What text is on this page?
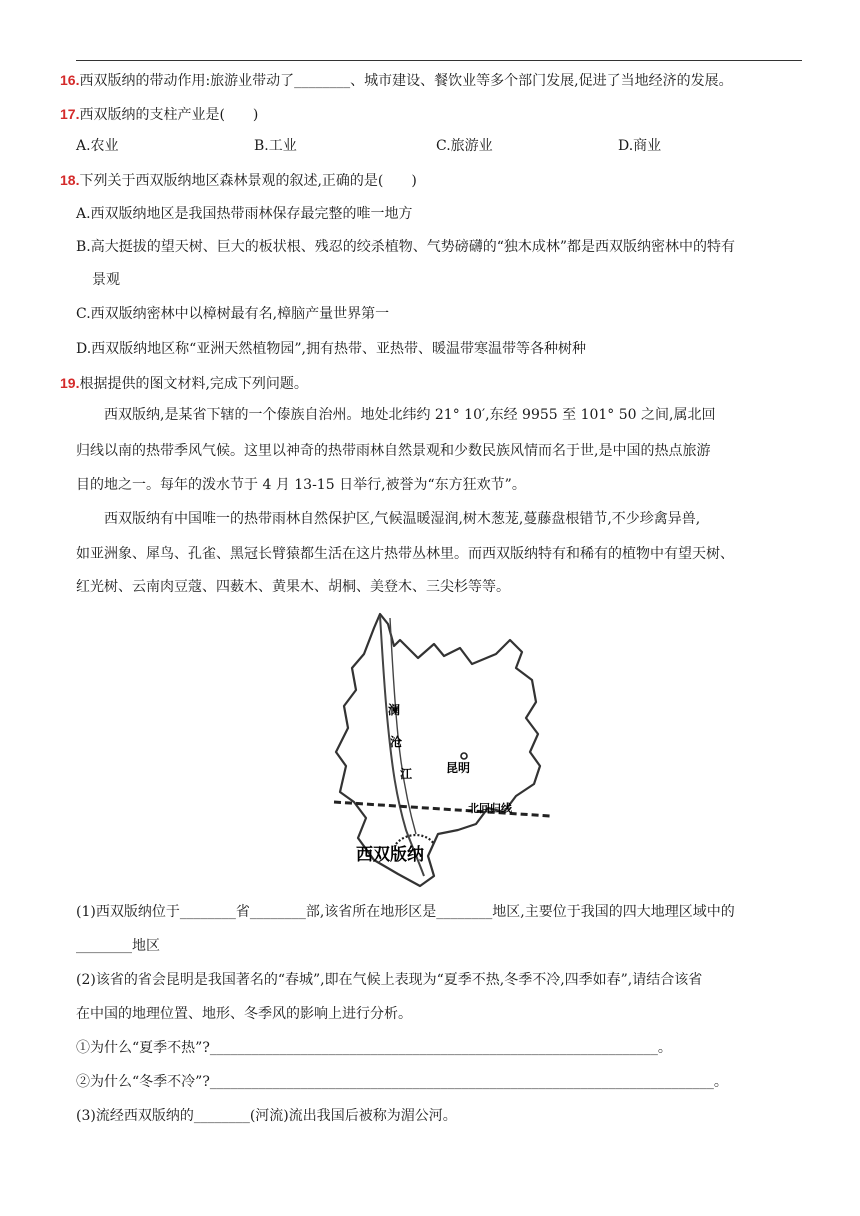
16.西双版纳的带动作用:旅游业带动了________、城市建设、餐饮业等多个部门发展,促进了当地经济的发展。
17.西双版纳的支柱产业是(　　)
A.农业	B.工业	C.旅游业	D.商业
18.下列关于西双版纳地区森林景观的叙述,正确的是(　　)
A.西双版纳地区是我国热带雨林保存最完整的唯一地方
B.高大挺拔的望天树、巨大的板状根、残忍的绞杀植物、气势磅礴的“独木成林”都是西双版纳密林中的特有
景观
C.西双版纳密林中以樟树最有名,樟脑产量世界第一
D.西双版纳地区称“亚洲天然植物园”,拥有热带、亚热带、暖温带寒温带等各种树种
19.根据提供的图文材料,完成下列问题。
西双版纳,是某省下辖的一个傣族自治州。地处北纬约 21° 10′,东经 9955 至 101° 50 之间,属北回
归线以南的热带季风气候。这里以神奇的热带雨林自然景观和少数民族风情而名于世,是中国的热点旅游
目的地之一。每年的泼水节于 4 月 13-15 日举行,被誉为“东方狂欢节”。
西双版纳有中国唯一的热带雨林自然保护区,气候温暖湿润,树木葱茏,蔓藤盘根错节,不少珍禽异兽,
如亚洲象、犀鸟、孔雀、黑冠长臂猿都生活在这片热带丛林里。而西双版纳特有和稀有的植物中有望天树、
红光树、云南肉豆蔻、四薮木、黄果木、胡桐、美登木、三尖杉等等。
澜
沧
江	昆明
北回归线
西双版纳
(1)西双版纳位于________省________部,该省所在地形区是________地区,主要位于我国的四大地理区域中的
________地区
(2)该省的省会昆明是我国著名的“春城”,即在气候上表现为“夏季不热,冬季不冷,四季如春”,请结合该省
在中国的地理位置、地形、冬季风的影响上进行分析。
①为什么“夏季不热”?________________________________________________________________。
②为什么“冬季不冷”?________________________________________________________________________。
(3)流经西双版纳的________(河流)流出我国后被称为湄公河。
